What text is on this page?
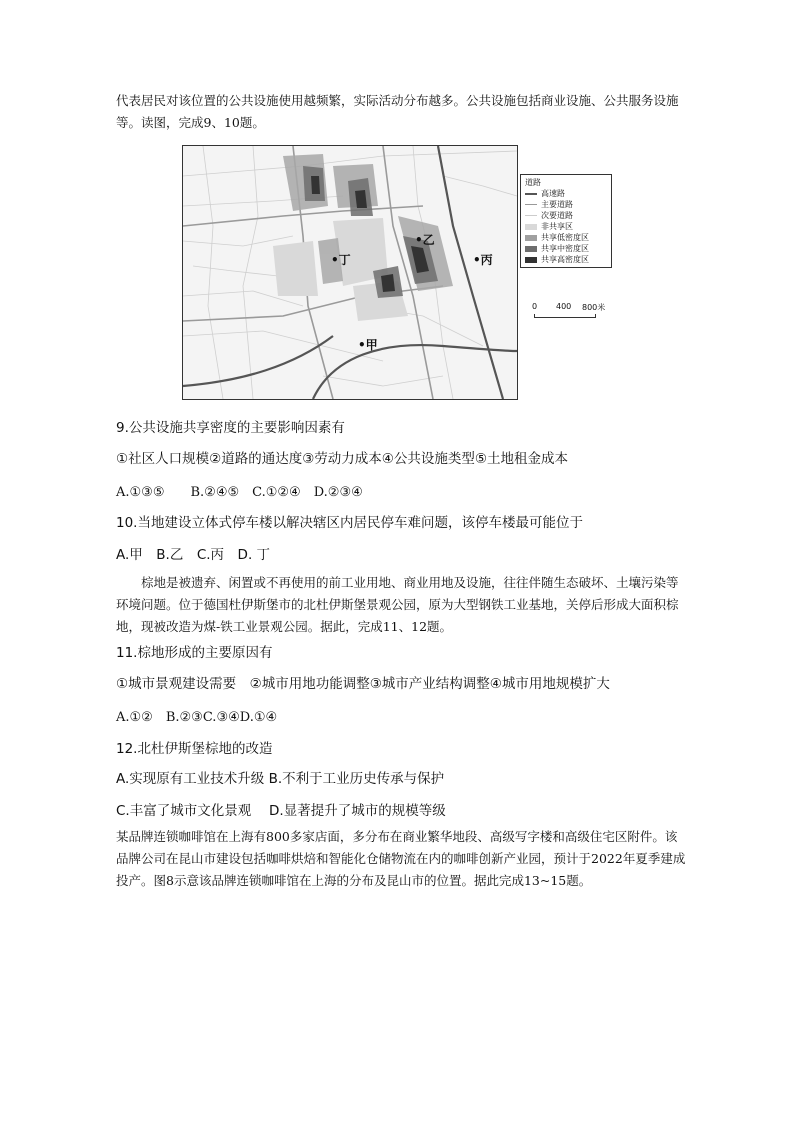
代表居民对该位置的公共设施使用越频繁，实际活动分布越多。公共设施包括商业设施、公共服务设施等。读图，完成9、10题。
•丁
•乙
•丙
•甲
道路
高速路
主要道路
次要道路
非共享区
共享低密度区
共享中密度区
共享高密度区
0 400 800米
9.公共设施共享密度的主要影响因素有
①社区人口规模②道路的通达度③劳动力成本④公共设施类型⑤土地租金成本
A.①③⑤　　B.②④⑤　C.①②④　D.②③④
10.当地建设立体式停车楼以解决辖区内居民停车难问题，该停车楼最可能位于
A.甲　B.乙　C.丙　D. 丁
棕地是被遗弃、闲置或不再使用的前工业用地、商业用地及设施，往往伴随生态破坏、土壤污染等环境问题。位于德国杜伊斯堡市的北杜伊斯堡景观公园，原为大型钢铁工业基地，关停后形成大面积棕地，现被改造为煤-铁工业景观公园。据此，完成11、12题。
11.棕地形成的主要原因有
①城市景观建设需要　②城市用地功能调整③城市产业结构调整④城市用地规模扩大
A.①②　B.②③C.③④D.①④
12.北杜伊斯堡棕地的改造
A.实现原有工业技术升级 B.不利于工业历史传承与保护
C.丰富了城市文化景观　 D.显著提升了城市的规模等级
某品牌连锁咖啡馆在上海有800多家店面，多分布在商业繁华地段、高级写字楼和高级住宅区附件。该品牌公司在昆山市建设包括咖啡烘焙和智能化仓储物流在内的咖啡创新产业园，预计于2022年夏季建成投产。图8示意该品牌连锁咖啡馆在上海的分布及昆山市的位置。据此完成13~15题。
